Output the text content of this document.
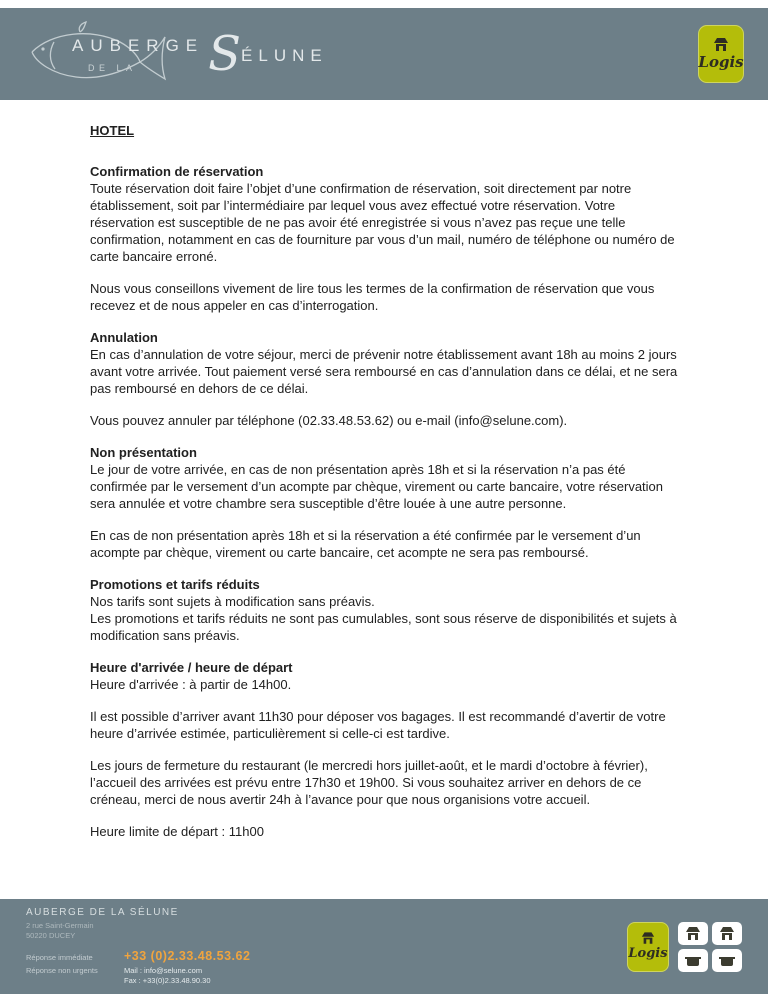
AUBERGE
DE LA	S ÉLUNE	Logis
HOTEL
Confirmation de réservation

Toute réservation doit faire l’objet d’une confirmation de réservation, soit directement par notre établissement, soit par l’intermédiaire par lequel vous avez effectué votre réservation. Votre réservation est susceptible de ne pas avoir été enregistrée si vous n’avez pas reçue une telle confirmation, notamment en cas de fourniture par vous d’un mail, numéro de téléphone ou numéro de carte bancaire erroné.

Nous vous conseillons vivement de lire tous les termes de la confirmation de réservation que vous recevez et de nous appeler en cas d’interrogation.

Annulation

En cas d’annulation de votre séjour, merci de prévenir notre établissement avant 18h au moins 2 jours avant votre arrivée. Tout paiement versé sera remboursé en cas d’annulation dans ce délai, et ne sera pas remboursé en dehors de ce délai.

Vous pouvez annuler par téléphone (02.33.48.53.62) ou e-mail (info@selune.com).

Non présentation

Le jour de votre arrivée, en cas de non présentation après 18h et si la réservation n’a pas été confirmée par le versement d’un acompte par chèque, virement ou carte bancaire, votre réservation sera annulée et votre chambre sera susceptible d’être louée à une autre personne.

En cas de non présentation après 18h et si la réservation a été confirmée par le versement d’un acompte par chèque, virement ou carte bancaire, cet acompte ne sera pas remboursé.

Promotions et tarifs réduits

Nos tarifs sont sujets à modification sans préavis.

Les promotions et tarifs réduits ne sont pas cumulables, sont sous réserve de disponibilités et sujets à modification sans préavis.

Heure d'arrivée / heure de départ

Heure d'arrivée : à partir de 14h00.

Il est possible d’arriver avant 11h30 pour déposer vos bagages. Il est recommandé d’avertir de votre heure d’arrivée estimée, particulièrement si celle-ci est tardive.

Les jours de fermeture du restaurant (le mercredi hors juillet-août, et le mardi d’octobre à février), l’accueil des arrivées est prévu entre 17h30 et 19h00. Si vous souhaitez arriver en dehors de ce créneau, merci de nous avertir 24h à l’avance pour que nous organisions votre accueil.

Heure limite de départ : 11h00

AUBERGE DE LA SÉLUNE
2 rue Saint-Germain
50220 DUCEY
Réponse immédiate	+33 (0)2.33.48.53.62
Réponse non urgents	Mail : info@selune.com
Fax : +33(0)2.33.48.90.30
Logis
